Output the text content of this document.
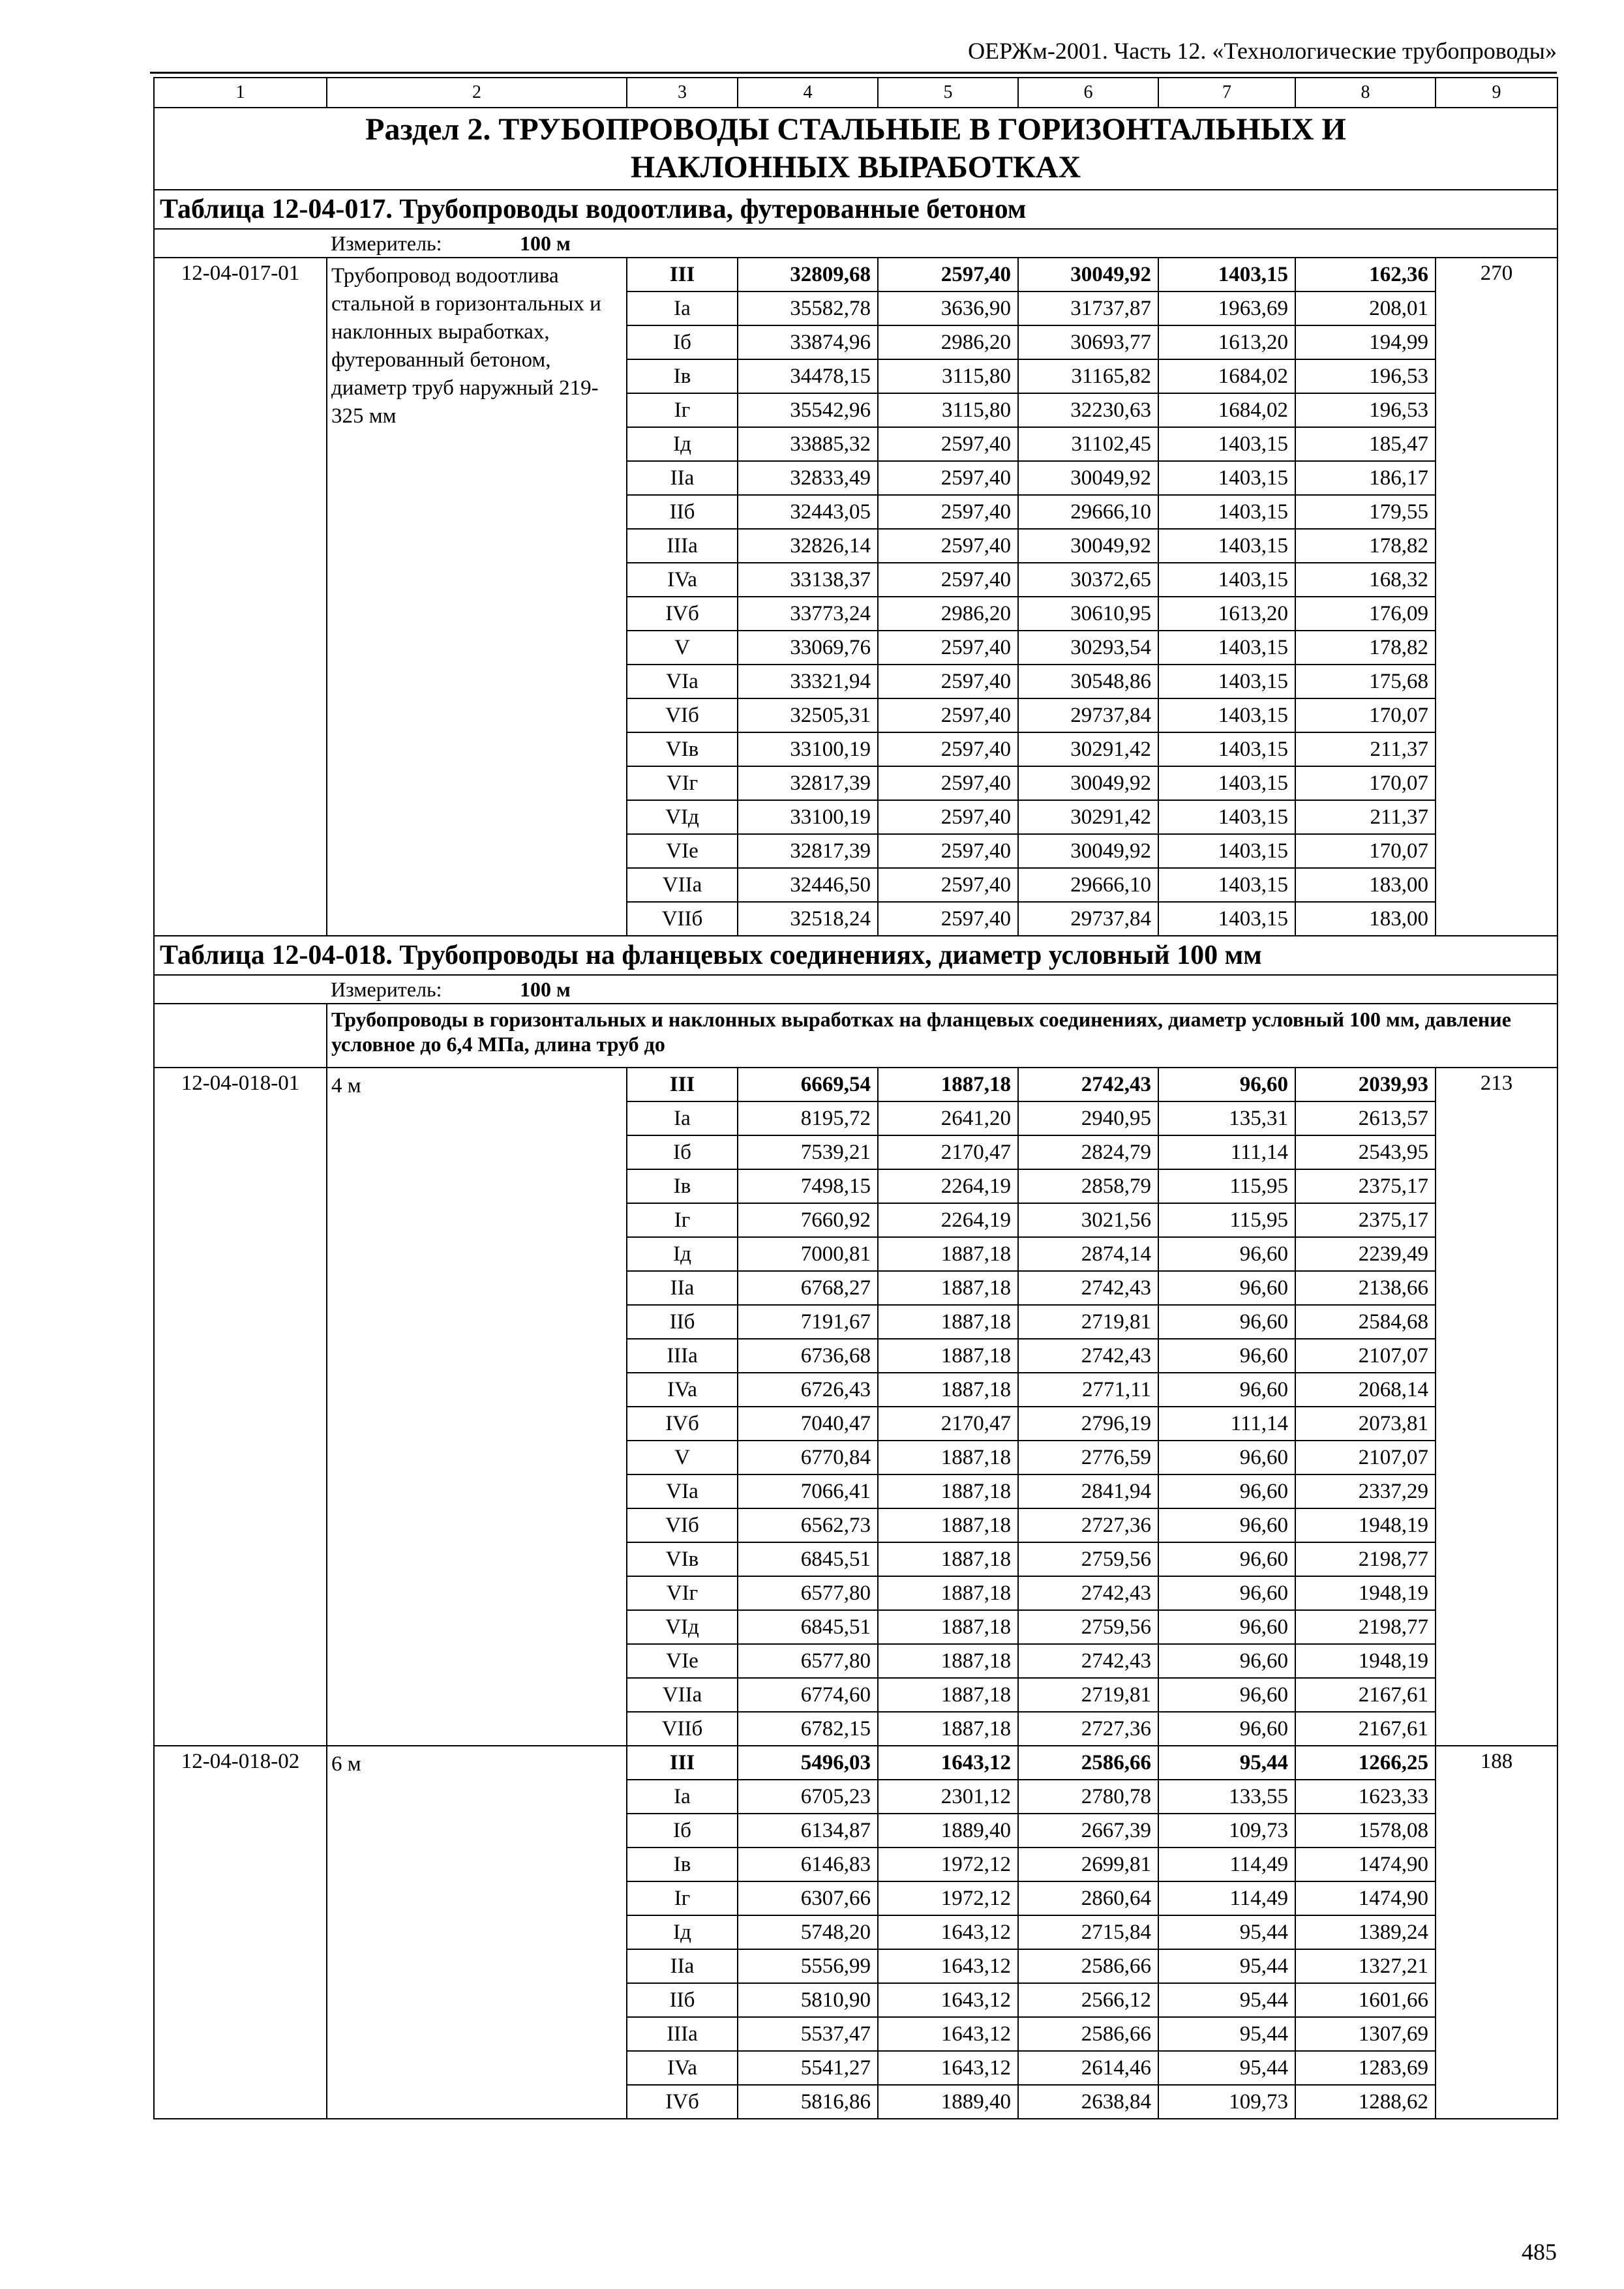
ОЕРЖм-2001. Часть 12. «Технологические трубопроводы»
1	2	3	4	5	6	7	8	9
Раздел 2. ТРУБОПРОВОДЫ СТАЛЬНЫЕ В ГОРИЗОНТАЛЬНЫХ И
НАКЛОННЫХ ВЫРАБОТКАХ								
Таблица 12-04-017. Трубопроводы водоотлива, футерованные бетоном								
	Измеритель: 100 м							
12-04-017-01	Трубопровод водоотлива стальной в горизонтальных и наклонных выработках, футерованный бетоном, диаметр труб наружный 219-325 мм	III	32809,68	2597,40	30049,92	1403,15	162,36	270
		Ia	35582,78	3636,90	31737,87	1963,69	208,01	
		Iб	33874,96	2986,20	30693,77	1613,20	194,99	
		Iв	34478,15	3115,80	31165,82	1684,02	196,53	
		Iг	35542,96	3115,80	32230,63	1684,02	196,53	
		Iд	33885,32	2597,40	31102,45	1403,15	185,47	
		IIa	32833,49	2597,40	30049,92	1403,15	186,17	
		IIб	32443,05	2597,40	29666,10	1403,15	179,55	
		IIIa	32826,14	2597,40	30049,92	1403,15	178,82	
		IVa	33138,37	2597,40	30372,65	1403,15	168,32	
		IVб	33773,24	2986,20	30610,95	1613,20	176,09	
		V	33069,76	2597,40	30293,54	1403,15	178,82	
		VIa	33321,94	2597,40	30548,86	1403,15	175,68	
		VIб	32505,31	2597,40	29737,84	1403,15	170,07	
		VIв	33100,19	2597,40	30291,42	1403,15	211,37	
		VIг	32817,39	2597,40	30049,92	1403,15	170,07	
		VIд	33100,19	2597,40	30291,42	1403,15	211,37	
		VIe	32817,39	2597,40	30049,92	1403,15	170,07	
		VIIa	32446,50	2597,40	29666,10	1403,15	183,00	
		VIIб	32518,24	2597,40	29737,84	1403,15	183,00	
Таблица 12-04-018. Трубопроводы на фланцевых соединениях, диаметр условный 100 мм								
	Измеритель: 100 м							
	Трубопроводы в горизонтальных и наклонных выработках на фланцевых соединениях, диаметр условный 100 мм, давление условное до 6,4 МПа, длина труб до							
12-04-018-01	4 м	III	6669,54	1887,18	2742,43	96,60	2039,93	213
		Ia	8195,72	2641,20	2940,95	135,31	2613,57	
		Iб	7539,21	2170,47	2824,79	111,14	2543,95	
		Iв	7498,15	2264,19	2858,79	115,95	2375,17	
		Iг	7660,92	2264,19	3021,56	115,95	2375,17	
		Iд	7000,81	1887,18	2874,14	96,60	2239,49	
		IIa	6768,27	1887,18	2742,43	96,60	2138,66	
		IIб	7191,67	1887,18	2719,81	96,60	2584,68	
		IIIa	6736,68	1887,18	2742,43	96,60	2107,07	
		IVa	6726,43	1887,18	2771,11	96,60	2068,14	
		IVб	7040,47	2170,47	2796,19	111,14	2073,81	
		V	6770,84	1887,18	2776,59	96,60	2107,07	
		VIa	7066,41	1887,18	2841,94	96,60	2337,29	
		VIб	6562,73	1887,18	2727,36	96,60	1948,19	
		VIв	6845,51	1887,18	2759,56	96,60	2198,77	
		VIг	6577,80	1887,18	2742,43	96,60	1948,19	
		VIд	6845,51	1887,18	2759,56	96,60	2198,77	
		VIe	6577,80	1887,18	2742,43	96,60	1948,19	
		VIIa	6774,60	1887,18	2719,81	96,60	2167,61	
		VIIб	6782,15	1887,18	2727,36	96,60	2167,61	
12-04-018-02	6 м	III	5496,03	1643,12	2586,66	95,44	1266,25	188
		Ia	6705,23	2301,12	2780,78	133,55	1623,33	
		Iб	6134,87	1889,40	2667,39	109,73	1578,08	
		Iв	6146,83	1972,12	2699,81	114,49	1474,90	
		Iг	6307,66	1972,12	2860,64	114,49	1474,90	
		Iд	5748,20	1643,12	2715,84	95,44	1389,24	
		IIa	5556,99	1643,12	2586,66	95,44	1327,21	
		IIб	5810,90	1643,12	2566,12	95,44	1601,66	
		IIIa	5537,47	1643,12	2586,66	95,44	1307,69	
		IVa	5541,27	1643,12	2614,46	95,44	1283,69	
		IVб	5816,86	1889,40	2638,84	109,73	1288,62	
485
